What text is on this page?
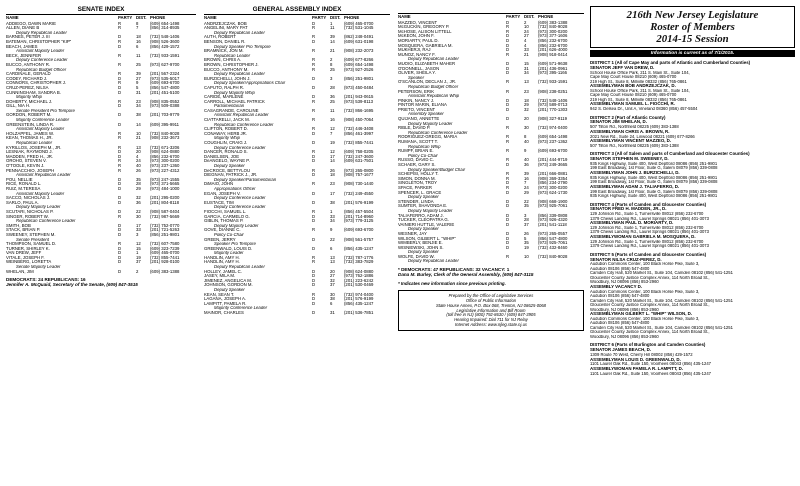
SENATE INDEX
NAME	PARTY DIST. PHONE
ADDIEGO, DAWN MARIE	R	8	(609) 654-1498
ALLEN, DIANE B	R	7	(856) 314-8935
Deputy Republican Leader
BARNES, PETER J. III	D	18	(732) 548-1406
BATEMAN, CHRISTOPHER "KIP"	R	16	(908) 526-3600
BEACH, JAMES	D	6	(856) 429-1572
Assistant Majority Leader
BECK, JENNIFER	R	11	(732) 933-1591
Deputy Conference Leader
BUCCO, ANTHONY R.	R	25	(973) 627-9700
Republican Budget Officer
CARDINALE, GERALD	R	39	(201) 567-2324
CODEY, RICHARD J.	D	27	(973) 535-5017
CONNORS, CHRISTOPHER J.	R	9	(609) 693-6700
CRUZ-PEREZ, NILSA	D	5	(856) 547-4800
CUNNINGHAM, SANDRA B.	D	31	(201) 451-5100
Majority Whip
DOHERTY, MICHAEL J.	R	23	(908) 835-0552
GILL, NIA H.	D	34	(973) 509-0388
Senate President Pro Tempore
GORDON, ROBERT M.	D	38	(201) 703-9779
Majority Conference Leader
GREENSTEIN, LINDA R.	D	14	(609) 395-9911
Assistant Majority Leader
HOLZAPFEL, JAMES W.	R	10	(732) 840-9028
KEAN, THOMAS H., JR.	R	21	(908) 232-3673
Republican Leader
KYRILLOS, JOSEPH M., JR.	R	13	(732) 671-3206
LESNIAK, RAYMOND J.	D	20	(908) 624-0880
MADDEN, FRED H., JR.	D	4	(856) 232-6700
OROHO, STEVEN V.	R	24	(973) 300-0200
O'TOOLE, KEVIN J.	R	40	(973) 237-1360
PENNACCHIO, JOSEPH	R	26	(973) 227-4312
Assistant Republican Leader
POU, NELLIE	D	35	(973) 247-1555
RICE, RONALD L.	D	28	(973) 371-5665
RUIZ, M.TERESA	D	29	(973) 484-1000
Assistant Majority Leader
SACCO, NICHOLAS J.	D	32	(201) 295-0200
SARLO, PAUL A.	D	36	(201) 804-8118
Deputy Majority Leader
SCUTARI, NICHOLAS P.	D	22	(908) 587-0404
SINGER, ROBERT W.	R	30	(732) 987-5669
Republican Conference Leader
SMITH, BOB	D	17	(732) 752-0770
STACK, BRIAN P.	D	33	(201) 721-5263
SWEENEY, STEPHEN M.	D	3	(856) 251-9801
Senate President
THOMPSON, SAMUEL D.	R	12	(732) 607-7580
TURNER, SHIRLEY K.	D	15	(609) 323-7239
VAN DREW, JEFF	D	1	(609) 465-0700
VITALE, JOSEPH F.	D	19	(732) 855-7441
WEINBERG, LORETTA	D	37	(201) 928-0100
Senate Majority Leader
WHELAN, JIM	D	2	(609) 383-1388
DEMOCRATS: 24 REPUBLICANS: 16
Jennifer A. McQuaid, Secretary of the Senate, (609) 847-3515
GENERAL ASSEMBLY INDEX
NAME	PARTY DIST. PHONE
ANDRZEJCZAK, BOB	D	1	(609) 465-0700
ANGELINI, MARY PAT	R	11	(732) 531-1045
Deputy Republican Leader
AUTH, ROBERT	R	39	(862) 248-0491
BENSON, DANIEL R.	D	14	(609) 631-0198
Deputy Speaker Pro Tempore
BRAMNICK, JON M.	R	21	(908) 232-2073
Republican Leader
BROWN, CHRIS A.	R	2	(609) 677-8266
BROWN, CHRISTOPHER J.	R	8	(609) 654-1498
BUCCO, ANTHONY M.	R	25	(973) 927-2526
Deputy Republican Leader
BURZICHELLI, JOHN J.	D	3	(856) 251-9801
Deputy Speaker/Appropriations Chair
CAPUTO, RALPH R.	D	28	(973) 450-0484
Deputy Majority Whip
CARIDE, MARLENE	D	36	(201) 943-0615
CARROLL, MICHAEL PATRICK	R	25	(973) 539-8113
Parliamentarian
CASAGRANDE, CAROLINE	R	11	(732) 866-1695
Assistant Republican Leader
CIATTARELLI, JACK M.	R	16	(908) 450-7064
Republican Conference Leader
CLIFTON, ROBERT D.	R	12	(732) 446-3408
CONAWAY, HERB JR.	D	7	(856) 461-3997
Majority Whip
COUGHLIN, CRAIG J.	D	19	(732) 855-7441
Deputy Conference Leader
DANCER, RONALD S.	R	12	(609) 758-0205
DANIELSEN, JOE	D	17	(732) 247-3600
DeANGELO, WAYNE P.	D	14	(609) 631-7501
Deputy Speaker
DeCROCE, BETTYLOU	R	26	(973) 265-0800
DIEGNAN, PATRICK J., JR.	D	18	(908) 757-1677
Deputy Speaker/Parliamentarian
DiMAIO, JOHN	R	23	(908) 730-1440
Appropriations Officer
EGAN, JOSEPH V.	D	17	(732) 249-4550
Deputy Conference Leader
EUSTACE, TIM	D	38	(201) 576-9199
Deputy Conference Leader
FIOCCHI, SAMUEL L.	R	1	(856) 457-5504
GARCIA, CARMELO G.	D	33	(201) 714-8960
GIBLIN, THOMAS P.	D	34	(973) 779-3125
Deputy Majority Leader
GOVE, DIANNE C.	R	9	(609) 693-6700
Policy Co-Chair
GREEN, JERRY	D	22	(908) 561-5757
Speaker Pro Tempore
GREENWALD, LOUIS D.	D	6	(856) 435-1247
Majority Leader
HANDLIN, AMY H.	R	13	(732) 787-1776
HANDLIN, AMY H.	R	13	(732) 383-7829
Deputy Republican Leader
HOLLEY, JAMEL C.	D	20	(908) 624-0880
JASEY, MILA M.	D	27	(973) 762-1886
JIMENEZ, ANGELICA M.	D	32	(201) 223-6242
JOHNSON, GORDON M.	D	37	(201) 530-0469
Deputy Speaker
KEAN, SEAN T.	R	30	(732) 974-0400
LAGANA, JOSEPH A.	D	38	(201) 576-9199
LAMPITT, PAMELA R.	D	6	(856) 435-1247
Majority Conference Leader
MAINOR, CHARLES	D	31	(201) 536-7851
NAME	PARTY DIST. PHONE
MAZZEO, VINCENT	D	2	(609) 383-1388
McGUCKIN, GREGORY P.	R	10	(732) 840-9028
McHOSE, ALISON LITTELL	R	24	(973) 300-0200
McKEON, JOHN F.	D	27	(973) 377-1606
MORIARTY, PAUL D.	D	4	(856) 232-6700
MOSQUERA, GABRIELA M.	D	4	(856) 232-6700
MUKHERJI, RAJ	D	33	(201) 626-4000
MUNOZ, NANCY F.	R	21	(908) 918-0414
Deputy Republican Leader
MUOIO, ELIZABETH MAHER	D	15	(609) 571-9638
O'DONNELL, JASON	D	31	(201) 436-0961
OLIVER, SHEILA Y.	D	34	(973) 395-1166
Speaker
O'SCANLON, DECLAN J., JR.	R	13	(732) 933-1591
Republican Budget Officer
PETERSON, ERIK	R	23	(908) 238-0251
Assistant Republican Whip
PINKIN, NANCY J.	D	18	(732) 548-1406
PINTOR MARIN, ELIANA	D	29	(973) 589-0713
PRIETO, VINCENT	D	32	(201) 770-1303
Assembly Speaker
QUIJANO, ANNETTE	D	20	(908) 327-9119
Deputy Majority Leader
RIBLE, DAVID P.	R	30	(732) 974-0400
Republican Conference Leader
RODRIGUEZ-GREGG, MARIA	R	8	(609) 654-1498
RUMANA, SCOTT T.	R	40	(973) 237-1362
Republican Whip
RUMPF, BRIAN E.	R	9	(609) 693-6700
Policy Co-Chair
RUSSO, DAVID C.	R	40	(201) 444-9719
SCHAER, GARY S.	D	36	(973) 249-3665
Deputy Speaker/Budget Chair
SCHEPISI, HOLLY T.	R	39	(201) 666-0881
SIMON, DONNA M.	R	16	(908) 369-3354
SINGLETON, TROY	D	7	(856) 234-2790
SPACE, PARKER	R	24	(973) 300-0200
SPENCER, L. GRACE	D	29	(973) 624-1730
Deputy Speaker
STENDER, LINDA	D	22	(908) 668-1900
SUMTER, SHAVONDA E.	D	35	(973) 925-7061
Deputy Majority Leader
TALIAFERRO, ADAM J.	D	3	(856) 339-0808
TUCKER, CLEOPATRA G.	D	28	(973) 926-4320
VAINIERI HUTTLE, VALERIE	D	37	(201) 541-1118
Deputy Speaker
WESNER, JAY	D	26	(973) 265-0557
WILSON, GILBERT L. "WHIP"	D	5	(856) 547-4800
WIMBERLY, BENJIE E.	D	35	(973) 925-7061
WISNIEWSKI, JOHN S.	D	19	(732) 432-8460
Deputy Speaker
WOLFE, DAVID W.	R	10	(732) 840-9028
Deputy Republican Leader
* DEMOCRATS: 47 REPUBLICANS: 32 VACANCY: 1
Dana M. Burley, Clerk of the General Assembly, (609) 847-3115
* Indicates new information since previous printing.
Prepared by the Office of Legislative Services
Office of Public Information
State House Annex, P.O. Box 068, Trenton, NJ 08625-0068
Legislative Information and Bill Room
(toll free in NJ) (800) 792-8630 / (609) 847-3905
Hearing Impaired: Dial 711 for NJ Relay
Internet Address: www.njleg.state.nj.us
216th New Jersey Legislature
Roster of Members
2014-15 Session
Information is current as of 7/1/2015.
DISTRICT 1 (All of Cape May and parts of Atlantic and Cumberland Counties)
SENATOR JEFF VAN DREW, D.
School House Office Park, 211 S. Main St., Suite 104,
Cape May Court House 08210 (609) 465-0700
219 High St., Suite 8, Millville 08332 (856) 765-0861
ASSEMBLYMAN BOB ANDRZEJCZAK, D.
School House Office Park, 211 S. Main St., Suite 104,
Cape May Court House 08210 (609) 465-0700
219 High St., Suite 8, Millville 08332 (856) 765-0861
ASSEMBLYMAN SAMUEL L. FIOCCHI, R.
942 S. Delsea Dr., Unit A, Vineland 08360 (856) 457-5504
DISTRICT 2 (Part of Atlantic County)
SENATOR JIM WHELAN, D.
507 Tilton Rd., Northfield 08225 (609) 383-1388
ASSEMBLYMAN CHRIS A. BROWN, R.
2021 New Rd., Suite 24, Linwood 08221 (609) 677-8266
ASSEMBLYMAN VINCENT MAZZEO, D.
507 Tilton Rd., Northfield 08225 (609) 383-1388
DISTRICT 3 (All of Salem and parts of Cumberland and Gloucester Counties)
SENATOR STEPHEN M. SWEENEY, D.
935 Kings Highway, Suite 400, West Deptford 08086 (856) 251-9801
199 East Broadway, 1st Floor, Suite G, Salem 08079 (856) 339-0808
ASSEMBLYMAN JOHN J. BURZICHELLI, D.
935 Kings Highway, Suite 400, West Deptford 08086 (856) 251-9801
199 East Broadway, 1st Floor, Suite G, Salem 08079 (856) 339-0808
ASSEMBLYMAN ADAM J. TALIAFERRO, D.
199 East Broadway, 1st Floor, Suite G, Salem 08079 (856) 339-0808
935 Kings Highway, Suite 400, West Deptford 08086 (856) 251-9801
DISTRICT 4 (Parts of Camden and Gloucester Counties)
SENATOR FRED H. MADDEN, JR., D.
129 Johnson Rd., Suite 1, Turnersville 08012 (856) 232-6700
1379 Chews Landing Rd., Laurel Springs 08021 (856) 401-3073
ASSEMBLYMAN PAUL D. MORIARTY, D.
129 Johnson Rd., Suite 1, Turnersville 08012 (856) 232-6700
1379 Chews Landing Rd., Laurel Springs 08021 (856) 401-3073
ASSEMBLYWOMAN GABRIELA M. MOSQUERA, D.
129 Johnson Rd., Suite 1, Turnersville 08012 (856) 232-6700
1379 Chews Landing Rd., Laurel Springs 08021 (856) 401-3073
DISTRICT 5 (Parts of Camden and Gloucester Counties)
SENATOR NILSA CRUZ-PEREZ, D.
Audubon Commons Center, 100 Black Horse Pike, Suite 3,
Audubon 08106 (856) 547-4800
Camden City Hall, 520 Market St., Suite 104, Camden 08102 (856) 541-1251
Gloucester County Justice Complex Annex, 114 North Broad St.,
Woodbury, NJ 08096 (856) 853-2960
ASSEMBLY VACANCY D.
Audubon Commons Center, 100 Black Horse Pike, Suite 3,
Audubon 08106 (856) 547-4800
Camden City Hall, 520 Market St., Suite 104, Camden 08102 (856) 541-1251
Gloucester County Justice Complex Annex, 114 North Broad St.,
Woodbury, NJ 08096 (856) 853-2960
ASSEMBLYMAN GILBERT L. "WHIP" WILSON, D.
Audubon Commons Center, 100 Black Horse Pike, Suite 3,
Audubon 08106 (856) 547-4800
Camden City Hall, 520 Market St., Suite 104, Camden 08102 (856) 541-1251
Gloucester County Justice Complex Annex, 114 North Broad St.,
Woodbury, NJ 08096 (856) 853-2960
DISTRICT 6 (Parts of Burlington and Camden Counties)
SENATOR JAMES BEACH, D.
1309 Route 70 West, Cherry Hill 08002 (856) 429-1572
ASSEMBLYMAN LOUIS D. GREENWALD, D.
1101 Laurel Oak Rd., Suite 150, Voorhees 08043 (856) 435-1247
ASSEMBLYWOMAN PAMELA R. LAMPITT, D.
1101 Laurel Oak Rd., Suite 150, Voorhees 08043 (856) 435-1247
